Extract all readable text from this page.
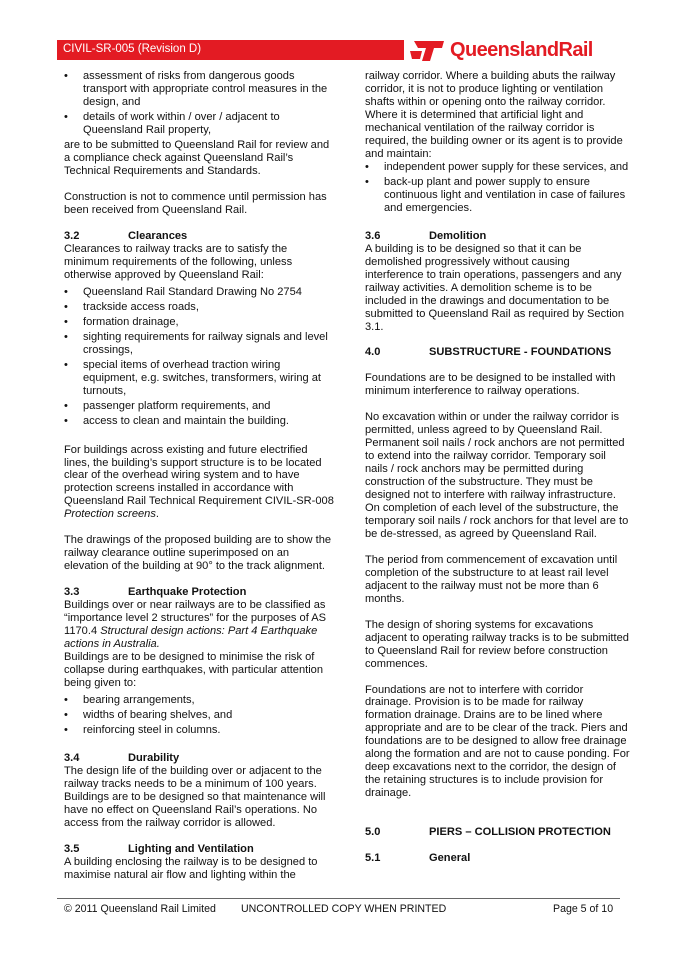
CIVIL-SR-005 (Revision D)	QueenslandRail
• assessment of risks from dangerous goods transport with appropriate control measures in the design, and
• details of work within / over / adjacent to Queensland Rail property,

are to be submitted to Queensland Rail for review and a compliance check against Queensland Rail’s Technical Requirements and Standards.

Construction is not to commence until permission has been received from Queensland Rail.

3.2	Clearances

Clearances to railway tracks are to satisfy the minimum requirements of the following, unless otherwise approved by Queensland Rail:

• Queensland Rail Standard Drawing No 2754
• trackside access roads,
• formation drainage,
• sighting requirements for railway signals and level crossings,
• special items of overhead traction wiring equipment, e.g. switches, transformers, wiring at turnouts,
• passenger platform requirements, and
• access to clean and maintain the building.

For buildings across existing and future electrified lines, the building’s support structure is to be located clear of the overhead wiring system and to have protection screens installed in accordance with Queensland Rail Technical Requirement CIVIL-SR-008 Protection screens.

The drawings of the proposed building are to show the railway clearance outline superimposed on an elevation of the building at 90° to the track alignment.

3.3	Earthquake Protection

Buildings over or near railways are to be classified as “importance level 2 structures” for the purposes of AS 1170.4 Structural design actions: Part 4 Earthquake actions in Australia.

Buildings are to be designed to minimise the risk of collapse during earthquakes, with particular attention being given to:

• bearing arrangements,
• widths of bearing shelves, and
• reinforcing steel in columns.

3.4	Durability

The design life of the building over or adjacent to the railway tracks needs to be a minimum of 100 years.

Buildings are to be designed so that maintenance will have no effect on Queensland Rail’s operations. No access from the railway corridor is allowed.

3.5	Lighting and Ventilation

A building enclosing the railway is to be designed to maximise natural air flow and lighting within the

railway corridor. Where a building abuts the railway corridor, it is not to produce lighting or ventilation shafts within or opening onto the railway corridor. Where it is determined that artificial light and mechanical ventilation of the railway corridor is required, the building owner or its agent is to provide and maintain:

• independent power supply for these services, and
• back-up plant and power supply to ensure continuous light and ventilation in case of failures and emergencies.

3.6	Demolition

A building is to be designed so that it can be demolished progressively without causing interference to train operations, passengers and any railway activities. A demolition scheme is to be included in the drawings and documentation to be submitted to Queensland Rail as required by Section 3.1.

4.0	SUBSTRUCTURE - FOUNDATIONS

Foundations are to be designed to be installed with minimum interference to railway operations.

No excavation within or under the railway corridor is permitted, unless agreed to by Queensland Rail. Permanent soil nails / rock anchors are not permitted to extend into the railway corridor. Temporary soil nails / rock anchors may be permitted during construction of the substructure. They must be designed not to interfere with railway infrastructure. On completion of each level of the substructure, the temporary soil nails / rock anchors for that level are to be de-stressed, as agreed by Queensland Rail.

The period from commencement of excavation until completion of the substructure to at least rail level adjacent to the railway must not be more than 6 months.

The design of shoring systems for excavations adjacent to operating railway tracks is to be submitted to Queensland Rail for review before construction commences.

Foundations are not to interfere with corridor drainage. Provision is to be made for railway formation drainage. Drains are to be lined where appropriate and are to be clear of the track. Piers and foundations are to be designed to allow free drainage along the formation and are not to cause ponding. For deep excavations next to the corridor, the design of the retaining structures is to include provision for drainage.

5.0	PIERS – COLLISION PROTECTION

5.1	General

© 2011 Queensland Rail Limited UNCONTROLLED COPY WHEN PRINTED	Page 5 of 10
